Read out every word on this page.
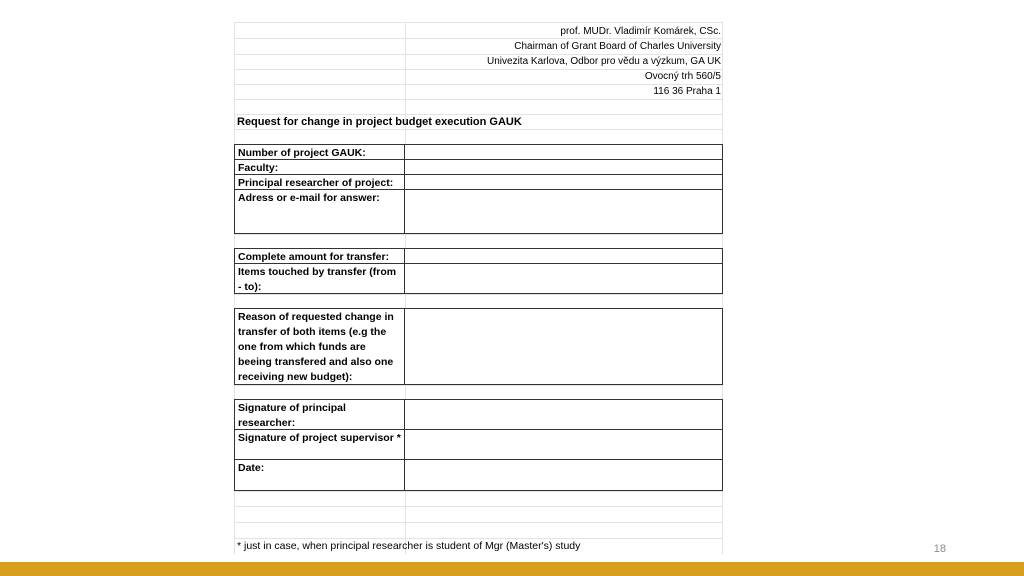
prof. MUDr. Vladimír Komárek, CSc.
Chairman of Grant Board of Charles University
Univezita Karlova, Odbor pro vědu a výzkum, GA UK
Ovocný trh 560/5
116 36 Praha 1
Request for change in project budget execution GAUK
Number of project GAUK:
Faculty:
Principal researcher of project:
Adress or e-mail for answer:
Complete amount for transfer:
Items touched by transfer (from - to):
Reason of requested change in transfer of both items (e.g the one from which funds are beeing transfered and also one receiving new budget):
Signature of principal researcher:
Signature of project supervisor *
Date:
* just in case, when principal researcher is student of Mgr (Master's) study	18
